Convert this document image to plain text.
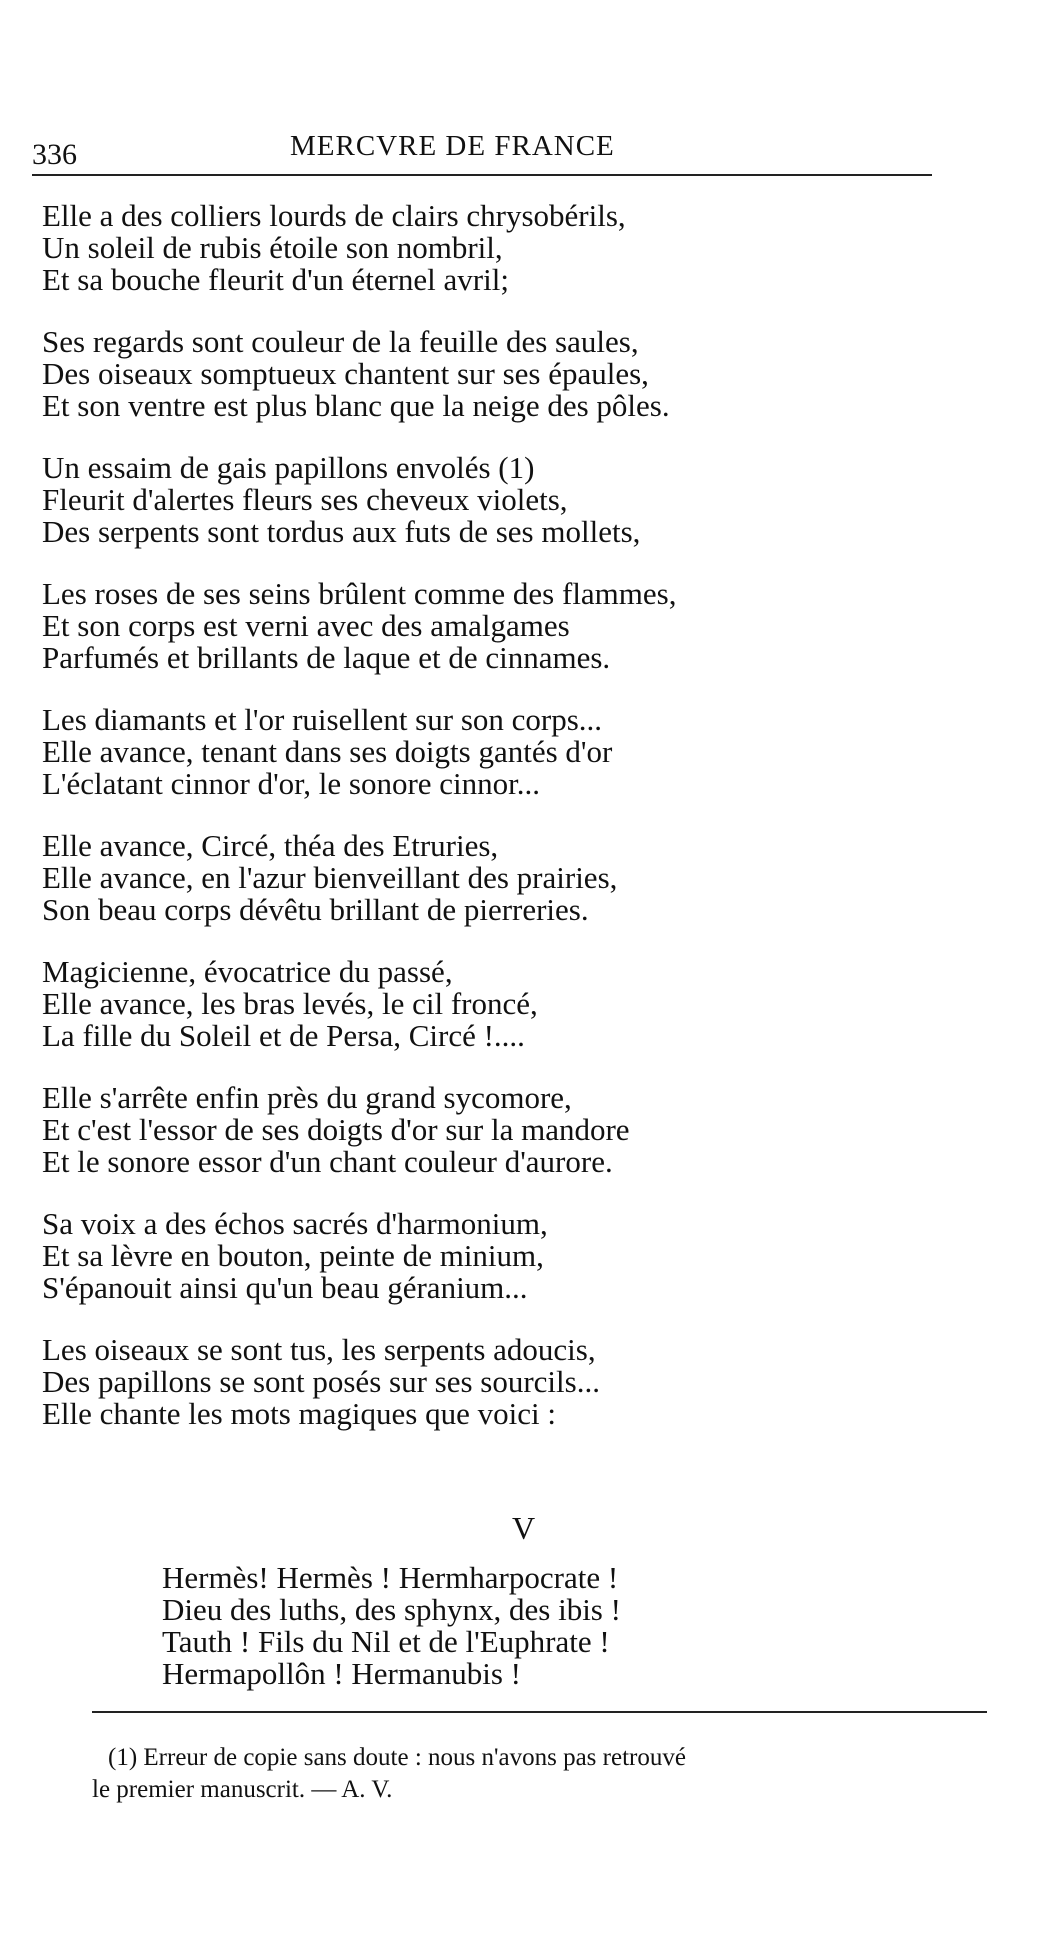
336	MERCVRE DE FRANCE
Elle a des colliers lourds de clairs chrysobérils,
Un soleil de rubis étoile son nombril,
Et sa bouche fleurit d'un éternel avril;
Ses regards sont couleur de la feuille des saules,
Des oiseaux somptueux chantent sur ses épaules,
Et son ventre est plus blanc que la neige des pôles.
Un essaim de gais papillons envolés (1)
Fleurit d'alertes fleurs ses cheveux violets,
Des serpents sont tordus aux futs de ses mollets,
Les roses de ses seins brûlent comme des flammes,
Et son corps est verni avec des amalgames
Parfumés et brillants de laque et de cinnames.
Les diamants et l'or ruisellent sur son corps...
Elle avance, tenant dans ses doigts gantés d'or
L'éclatant cinnor d'or, le sonore cinnor...
Elle avance, Circé, théa des Etruries,
Elle avance, en l'azur bienveillant des prairies,
Son beau corps dévêtu brillant de pierreries.
Magicienne, évocatrice du passé,
Elle avance, les bras levés, le cil froncé,
La fille du Soleil et de Persa, Circé !....
Elle s'arrête enfin près du grand sycomore,
Et c'est l'essor de ses doigts d'or sur la mandore
Et le sonore essor d'un chant couleur d'aurore.
Sa voix a des échos sacrés d'harmonium,
Et sa lèvre en bouton, peinte de minium,
S'épanouit ainsi qu'un beau géranium...
Les oiseaux se sont tus, les serpents adoucis,
Des papillons se sont posés sur ses sourcils...
Elle chante les mots magiques que voici :
V
Hermès! Hermès ! Hermharpocrate !
Dieu des luths, des sphynx, des ibis !
Tauth ! Fils du Nil et de l'Euphrate !
Hermapollôn ! Hermanubis !
(1) Erreur de copie sans doute : nous n'avons pas retrouvé
le premier manuscrit. — A. V.
